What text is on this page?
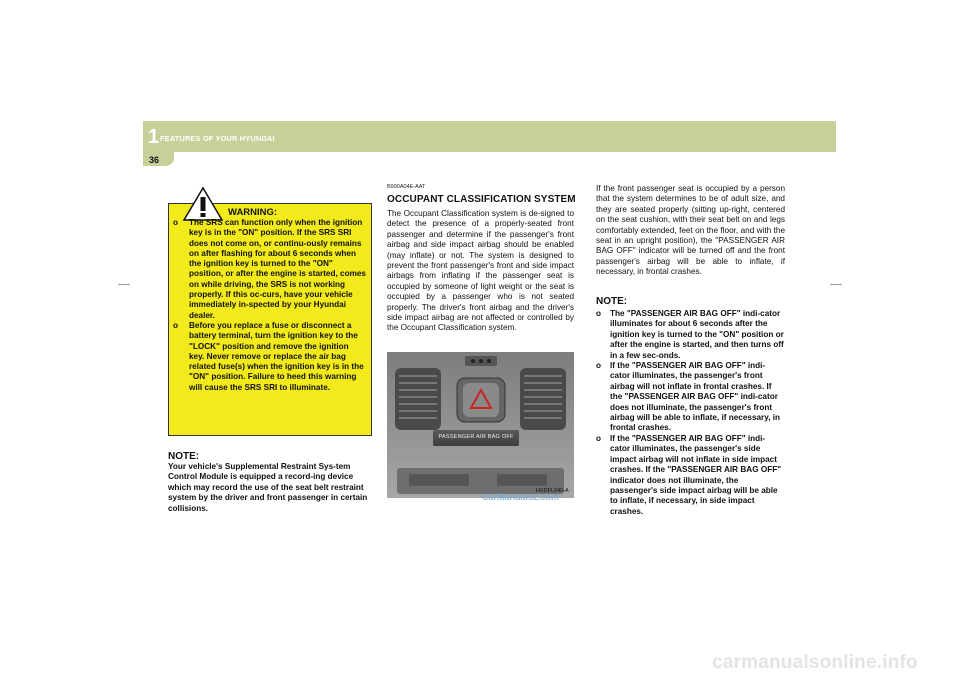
1 FEATURES OF YOUR HYUNDAI
36
WARNING:
o The SRS can function only when the ignition key is in the "ON" position. If the SRS SRI does not come on, or continu-ously remains on after flashing for about 6 seconds when the ignition key is turned to the "ON" position, or after the engine is started, comes on while driving, the SRS is not working properly. If this oc-curs, have your vehicle immediately in-spected by your Hyundai dealer.
o Before you replace a fuse or disconnect a battery terminal, turn the ignition key to the "LOCK" position and remove the ignition key. Never remove or replace the air bag related fuse(s) when the ignition key is in the "ON" position. Failure to heed this warning will cause the SRS SRI to illuminate.
NOTE:

Your vehicle's Supplemental Restraint Sys-tem Control Module is equipped a record-ing device which may record the use of the seat belt restraint system by the driver and front passenger in certain collisions.

B990A04E-AAT
OCCUPANT CLASSIFICATION SYSTEM

The Occupant Classification system is de-signed to detect the presence of a properly-seated front passenger and determine if the passenger's front airbag and side impact airbag should be enabled (may inflate) or not. The system is designed to prevent the front passenger's front and side impact airbags from inflating if the passenger seat is occupied by someone of light weight or the seat is occupied by a passenger who is not seated properly. The driver's front airbag and the driver's side impact airbag are not affected or controlled by the Occupant Classification system.

PASSENGER AIR BAG OFF
CarManuals2.com
HXDFL040-A

If the front passenger seat is occupied by a person that the system determines to be of adult size, and they are seated properly (sitting up-right, centered on the seat cushion, with their seat belt on and legs comfortably extended, feet on the floor, and with the seat in an upright position), the "PASSENGER AIR BAG OFF" indicator will be turned off and the front passenger's airbag will be able to inflate, if necessary, in frontal crashes.

NOTE:
o The "PASSENGER AIR BAG OFF" indi-cator illuminates for about 6 seconds after the ignition key is turned to the "ON" position or after the engine is started, and then turns off in a few sec-onds.
o If the "PASSENGER AIR BAG OFF" indi-cator illuminates, the passenger's front airbag will not inflate in frontal crashes. If the "PASSENGER AIR BAG OFF" indi-cator does not illuminate, the passenger's front airbag will be able to inflate, if necessary, in frontal crashes.
o If the "PASSENGER AIR BAG OFF" indi-cator illuminates, the passenger's side impact airbag will not inflate in side impact crashes. If the "PASSENGER AIR BAG OFF" indicator does not illuminate, the passenger's side impact airbag will be able to inflate, if necessary, in side impact crashes.
carmanualsonline.info
